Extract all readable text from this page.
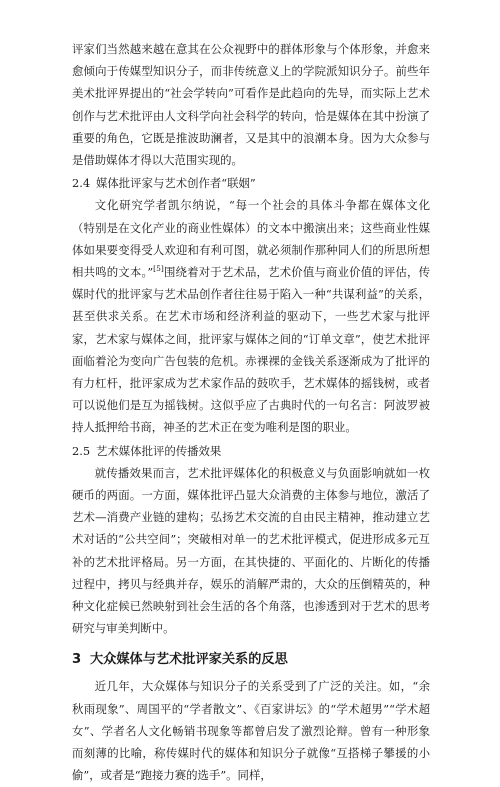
评家们当然越来越在意其在公众视野中的群体形象与个体形象，并愈来愈倾向于传媒型知识分子，而非传统意义上的学院派知识分子。前些年美术批评界提出的“社会学转向”可看作是此趋向的先导，而实际上艺术创作与艺术批评由人文科学向社会科学的转向，恰是媒体在其中扮演了重要的角色，它既是推波助澜者，又是其中的浪潮本身。因为大众参与是借助媒体才得以大范围实现的。

2.4 媒体批评家与艺术创作者“联姻”

文化研究学者凯尔纳说，“每一个社会的具体斗争都在媒体文化（特别是在文化产业的商业性媒体）的文本中搬演出来；这些商业性媒体如果要变得受人欢迎和有利可图，就必须制作那种同人们的所思所想相共鸣的文本。”[5]围绕着对于艺术品，艺术价值与商业价值的评估，传媒时代的批评家与艺术品创作者往往易于陷入一种“共谋利益”的关系，甚至供求关系。在艺术市场和经济利益的驱动下，一些艺术家与批评家，艺术家与媒体之间，批评家与媒体之间的“订单文章”，使艺术批评面临着沦为变向广告包装的危机。赤裸裸的金钱关系逐渐成为了批评的有力杠杆，批评家成为艺术家作品的鼓吹手，艺术媒体的摇钱树，或者可以说他们是互为摇钱树。这似乎应了古典时代的一句名言：阿波罗被持人抵押给书商，神圣的艺术正在变为唯利是图的职业。

2.5 艺术媒体批评的传播效果

就传播效果而言，艺术批评媒体化的积极意义与负面影响就如一枚硬币的两面。一方面，媒体批评凸显大众消费的主体参与地位，激活了艺术—消费产业链的建构；弘扬艺术交流的自由民主精神，推动建立艺术对话的“公共空间”；突破相对单一的艺术批评模式，促进形成多元互补的艺术批评格局。另一方面，在其快捷的、平面化的、片断化的传播过程中，拷贝与经典并存，娱乐的消解严肃的，大众的压倒精英的，种种文化症候已然映射到社会生活的各个角落，也渗透到对于艺术的思考研究与审美判断中。

3 大众媒体与艺术批评家关系的反思

近几年，大众媒体与知识分子的关系受到了广泛的关注。如，“余秋雨现象”、周国平的“学者散文”、《百家讲坛》的“学术超男”“学术超女”、学者名人文化畅销书现象等都曾启发了激烈论辩。曾有一种形象而刻薄的比喻，称传媒时代的媒体和知识分子就像“互搭梯子攀援的小偷”，或者是“跑接力赛的选手”。同样，
